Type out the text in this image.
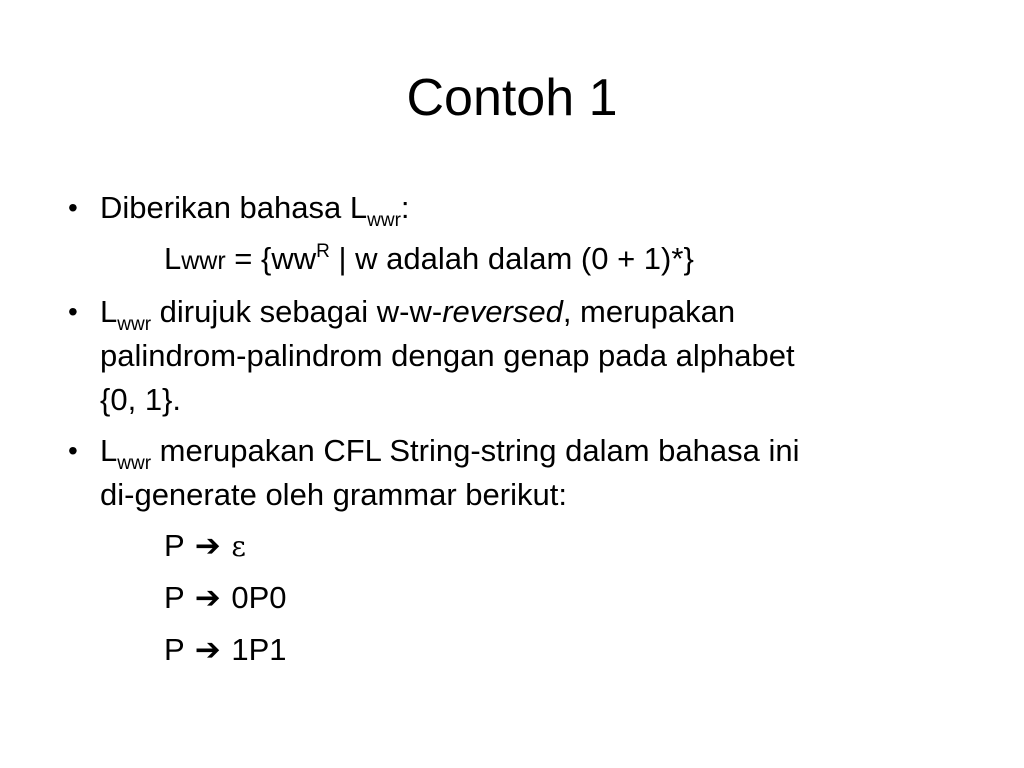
Contoh 1
• Diberikan bahasa $L_{wwr}$:
Lwwr = {$ww^R$ | w adalah dalam (0 + 1)*}
• $L_{wwr}$ dirujuk sebagai w-w-reversed, merupakan
palindrom-palindrom dengan genap pada alphabet
{0, 1}.
• $L_{wwr}$ merupakan CFL String-string dalam bahasa ini
di-generate oleh grammar berikut:
P ➔ ε
P ➔ 0P0
P ➔ 1P1
